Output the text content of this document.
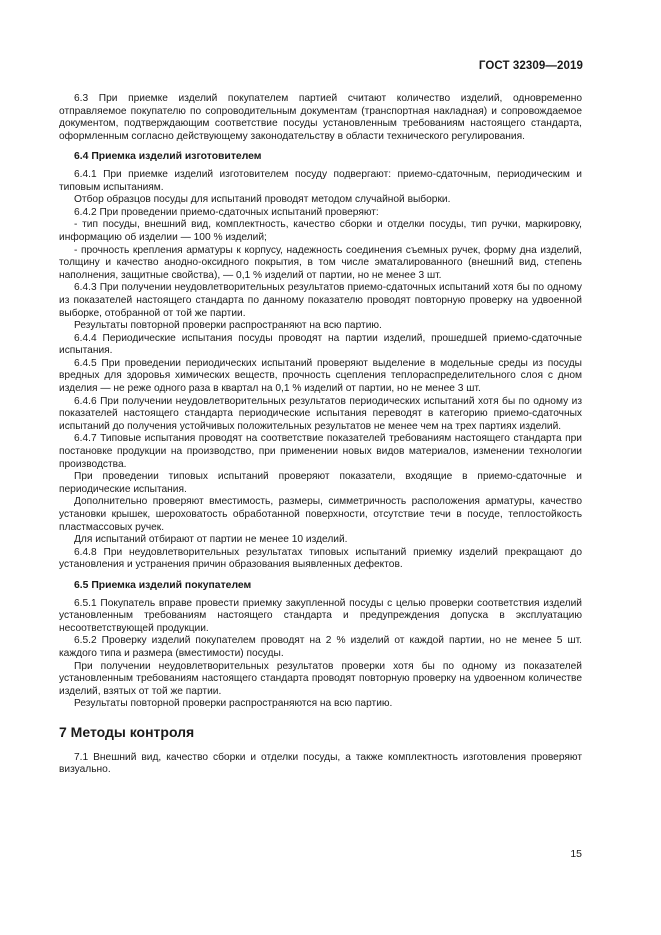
ГОСТ 32309—2019

6.3 При приемке изделий покупателем партией считают количество изделий, одновременно отправляемое покупателю по сопроводительным документам (транспортная накладная) и сопровождаемое документом, подтверждающим соответствие посуды установленным требованиям настоящего стандарта, оформленным согласно действующему законодательству в области технического регулирования.

6.4 Приемка изделий изготовителем

6.4.1 При приемке изделий изготовителем посуду подвергают: приемо-сдаточным, периодическим и типовым испытаниям.

Отбор образцов посуды для испытаний проводят методом случайной выборки.

6.4.2 При проведении приемо-сдаточных испытаний проверяют:

- тип посуды, внешний вид, комплектность, качество сборки и отделки посуды, тип ручки, маркировку, информацию об изделии — 100 % изделий;

- прочность крепления арматуры к корпусу, надежность соединения съемных ручек, форму дна изделий, толщину и качество анодно-оксидного покрытия, в том числе эматалированного (внешний вид, степень наполнения, защитные свойства), — 0,1 % изделий от партии, но не менее 3 шт.

6.4.3 При получении неудовлетворительных результатов приемо-сдаточных испытаний хотя бы по одному из показателей настоящего стандарта по данному показателю проводят повторную проверку на удвоенной выборке, отобранной от той же партии.

Результаты повторной проверки распространяют на всю партию.

6.4.4 Периодические испытания посуды проводят на партии изделий, прошедшей приемо-сдаточные испытания.

6.4.5 При проведении периодических испытаний проверяют выделение в модельные среды из посуды вредных для здоровья химических веществ, прочность сцепления теплораспределительного слоя с дном изделия — не реже одного раза в квартал на 0,1 % изделий от партии, но не менее 3 шт.

6.4.6 При получении неудовлетворительных результатов периодических испытаний хотя бы по одному из показателей настоящего стандарта периодические испытания переводят в категорию приемо-сдаточных испытаний до получения устойчивых положительных результатов не менее чем на трех партиях изделий.

6.4.7 Типовые испытания проводят на соответствие показателей требованиям настоящего стандарта при постановке продукции на производство, при применении новых видов материалов, изменении технологии производства.

При проведении типовых испытаний проверяют показатели, входящие в приемо-сдаточные и периодические испытания.

Дополнительно проверяют вместимость, размеры, симметричность расположения арматуры, качество установки крышек, шероховатость обработанной поверхности, отсутствие течи в посуде, теплостойкость пластмассовых ручек.

Для испытаний отбирают от партии не менее 10 изделий.

6.4.8 При неудовлетворительных результатах типовых испытаний приемку изделий прекращают до установления и устранения причин образования выявленных дефектов.

6.5 Приемка изделий покупателем

6.5.1 Покупатель вправе провести приемку закупленной посуды с целью проверки соответствия изделий установленным требованиям настоящего стандарта и предупреждения допуска в эксплуатацию несоответствующей продукции.

6.5.2 Проверку изделий покупателем проводят на 2 % изделий от каждой партии, но не менее 5 шт. каждого типа и размера (вместимости) посуды.

При получении неудовлетворительных результатов проверки хотя бы по одному из показателей установленным требованиям настоящего стандарта проводят повторную проверку на удвоенном количестве изделий, взятых от той же партии.

Результаты повторной проверки распространяются на всю партию.

7 Методы контроля

7.1 Внешний вид, качество сборки и отделки посуды, а также комплектность изготовления проверяют визуально.

15
